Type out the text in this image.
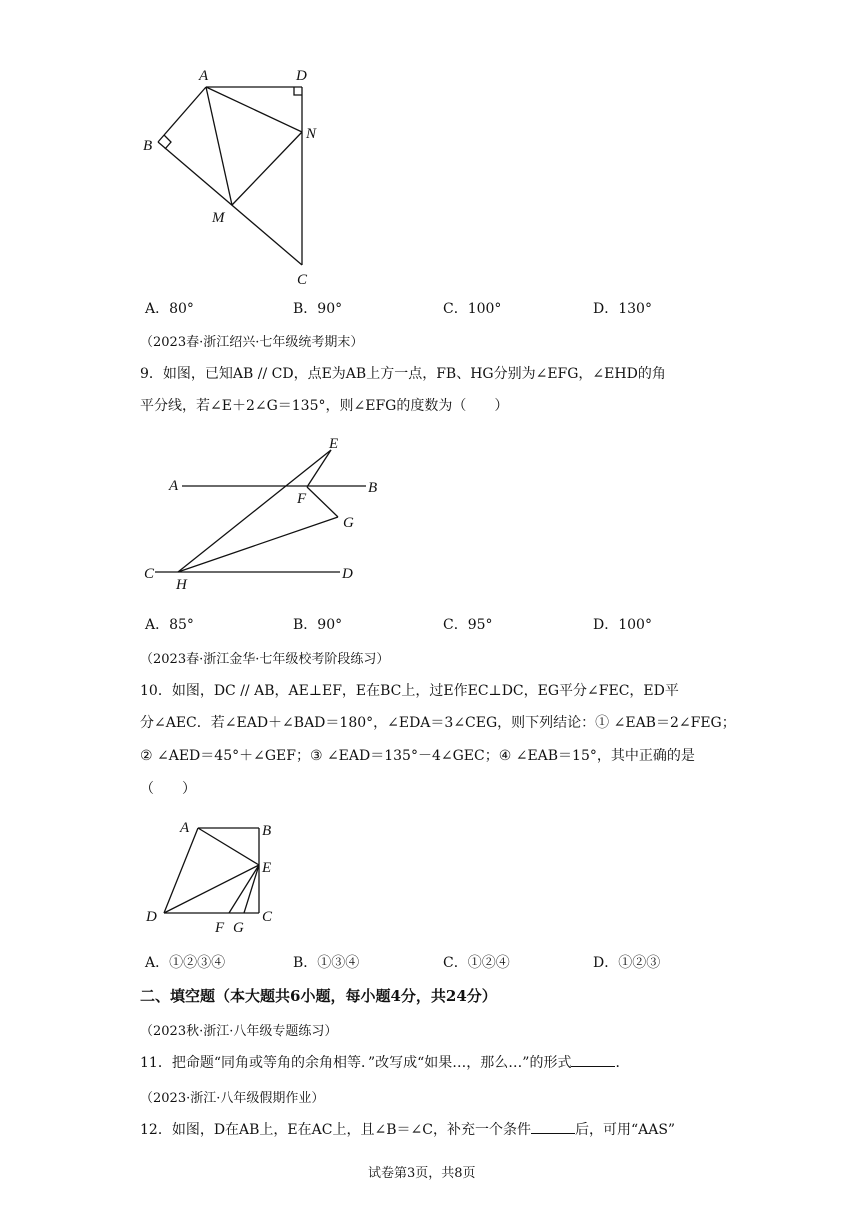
A	D
B
N
M
C
A．80°	B．90°	C．100°	D．130°
（2023春·浙江绍兴·七年级统考期末）
9．如图，已知AB // CD，点E为AB上方一点，FB、HG分别为∠EFG，∠EHD的角
平分线，若∠E＋2∠G＝135°，则∠EFG的度数为（　　）
E
A
F
B
G
C
H
D
A．85°	B．90°	C．95°	D．100°
（2023春·浙江金华·七年级校考阶段练习）
10．如图，DC // AB，AE⊥EF，E在BC上，过E作EC⊥DC，EG平分∠FEC，ED平
分∠AEC．若∠EAD＋∠BAD＝180°，∠EDA＝3∠CEG，则下列结论：① ∠EAB＝2∠FEG；
② ∠AED＝45°＋∠GEF；③ ∠EAD＝135°－4∠GEC；④ ∠EAB＝15°，其中正确的是
（　　）
A	B
E
D
F G
C
A．①②③④	B．①③④	C．①②④	D．①②③
二、填空题（本大题共6小题，每小题4分，共24分）
（2023秋·浙江·八年级专题练习）
11．把命题“同角或等角的余角相等．”改写成“如果…，那么…”的形式	．
（2023·浙江·八年级假期作业）
12．如图，D在AB上，E在AC上，且∠B＝∠C，补充一个条件	后，可用“AAS”
试卷第3页，共8页
